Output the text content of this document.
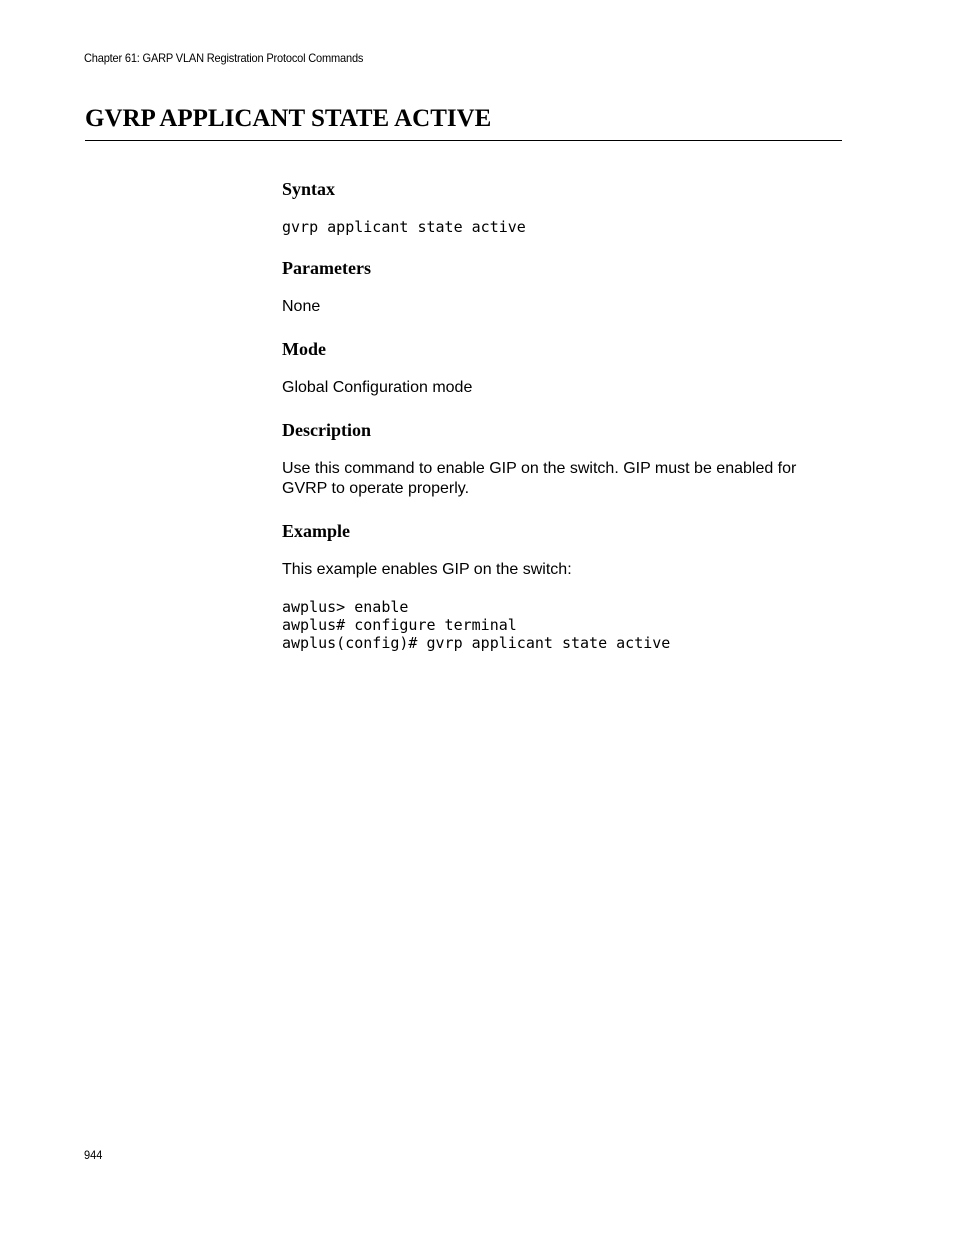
Chapter 61: GARP VLAN Registration Protocol Commands
GVRP APPLICANT STATE ACTIVE
Syntax
gvrp applicant state active
Parameters

None

Mode

Global Configuration mode

Description

Use this command to enable GIP on the switch. GIP must be enabled for

GVRP to operate properly.

Example

This example enables GIP on the switch:

awplus> enable
awplus# configure terminal
awplus(config)# gvrp applicant state active
944
